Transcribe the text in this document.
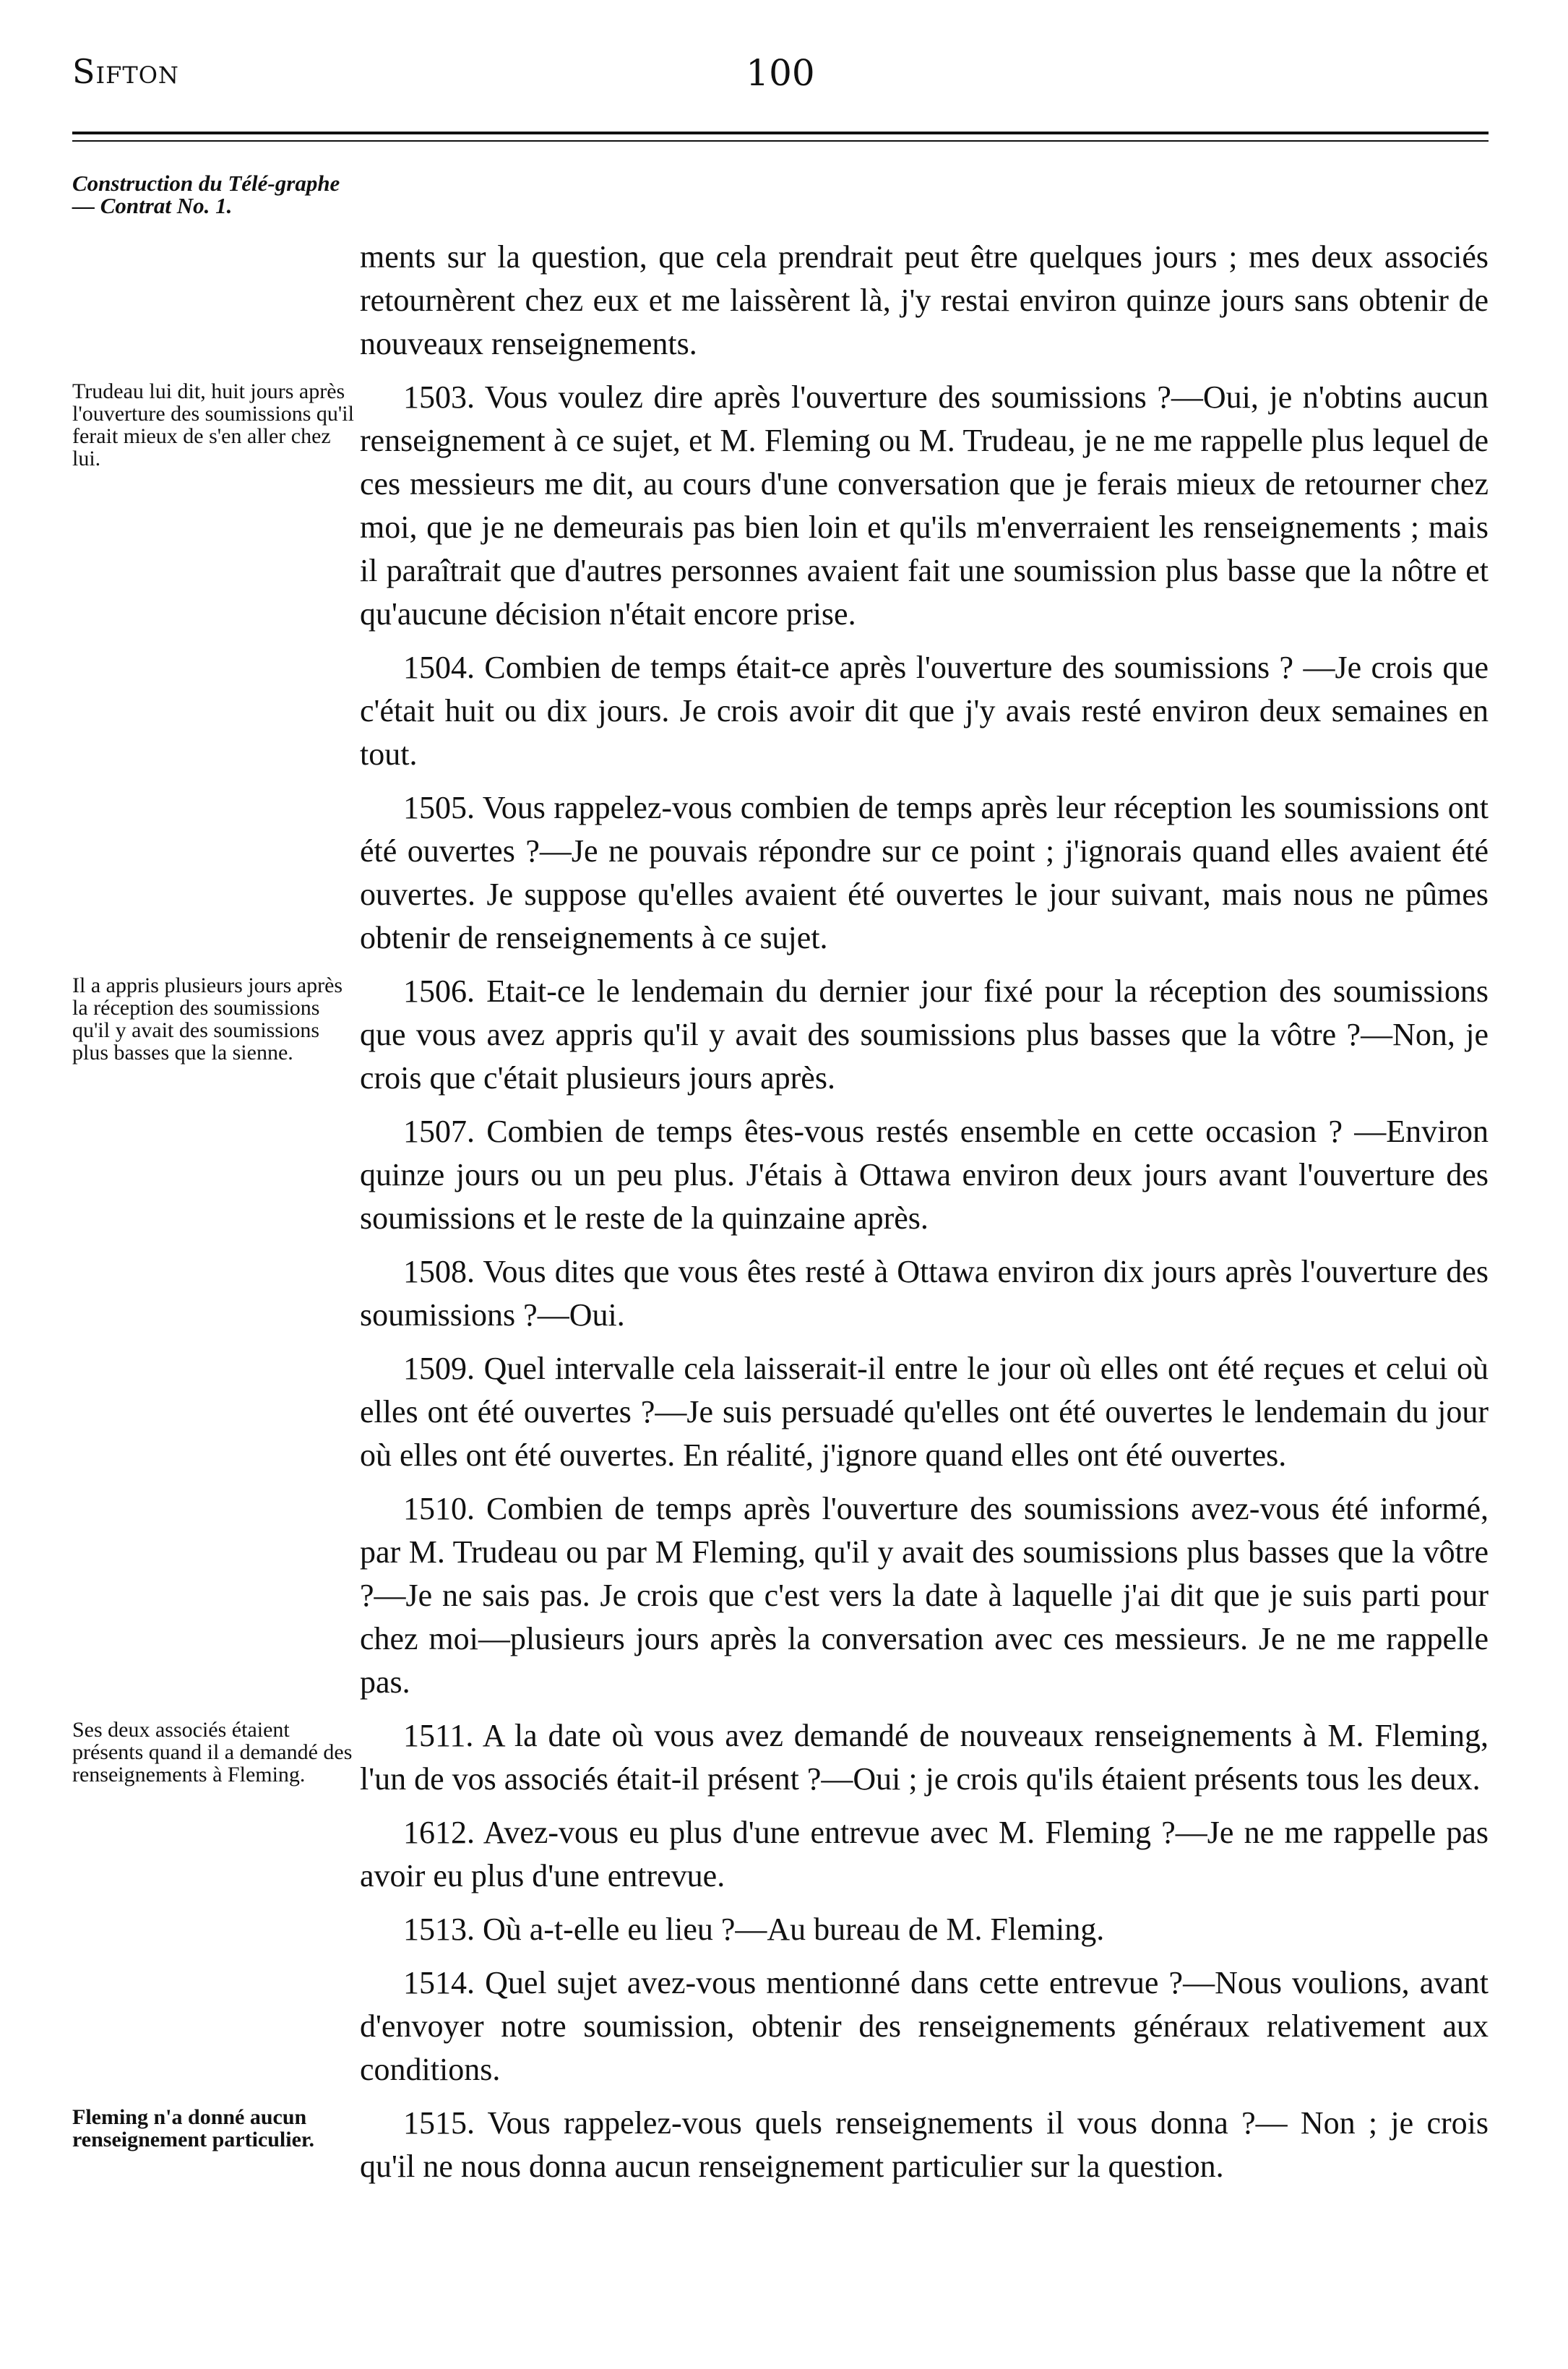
Sifton	100
Construction du Télé-graphe— Contrat No. 1.
ments sur la question, que cela prendrait peut être quelques jours ; mes deux associés retournèrent chez eux et me laissèrent là, j'y restai environ quinze jours sans obtenir de nouveaux renseignements.
Trudeau lui dit, huit jours après l'ouverture des soumissions qu'il ferait mieux de s'en aller chez lui.
1503. Vous voulez dire après l'ouverture des soumissions ?—Oui, je n'obtins aucun renseignement à ce sujet, et M. Fleming ou M. Trudeau, je ne me rappelle plus lequel de ces messieurs me dit, au cours d'une conversation que je ferais mieux de retourner chez moi, que je ne demeurais pas bien loin et qu'ils m'enverraient les renseignements ; mais il paraîtrait que d'autres personnes avaient fait une soumission plus basse que la nôtre et qu'aucune décision n'était encore prise.
1504. Combien de temps était-ce après l'ouverture des soumissions ? —Je crois que c'était huit ou dix jours. Je crois avoir dit que j'y avais resté environ deux semaines en tout.
1505. Vous rappelez-vous combien de temps après leur réception les soumissions ont été ouvertes ?—Je ne pouvais répondre sur ce point ; j'ignorais quand elles avaient été ouvertes. Je suppose qu'elles avaient été ouvertes le jour suivant, mais nous ne pûmes obtenir de renseignements à ce sujet.
Il a appris plusieurs jours après la réception des soumissions qu'il y avait des soumissions plus basses que la sienne.
1506. Etait-ce le lendemain du dernier jour fixé pour la réception des soumissions que vous avez appris qu'il y avait des soumissions plus basses que la vôtre ?—Non, je crois que c'était plusieurs jours après.
1507. Combien de temps êtes-vous restés ensemble en cette occasion ? —Environ quinze jours ou un peu plus. J'étais à Ottawa environ deux jours avant l'ouverture des soumissions et le reste de la quinzaine après.
1508. Vous dites que vous êtes resté à Ottawa environ dix jours après l'ouverture des soumissions ?—Oui.
1509. Quel intervalle cela laisserait-il entre le jour où elles ont été reçues et celui où elles ont été ouvertes ?—Je suis persuadé qu'elles ont été ouvertes le lendemain du jour où elles ont été ouvertes. En réalité, j'ignore quand elles ont été ouvertes.
1510. Combien de temps après l'ouverture des soumissions avez-vous été informé, par M. Trudeau ou par M Fleming, qu'il y avait des soumissions plus basses que la vôtre ?—Je ne sais pas. Je crois que c'est vers la date à laquelle j'ai dit que je suis parti pour chez moi—plusieurs jours après la conversation avec ces messieurs. Je ne me rappelle pas.
Ses deux associés étaient présents quand il a demandé des renseignements à Fleming.
1511. A la date où vous avez demandé de nouveaux renseignements à M. Fleming, l'un de vos associés était-il présent ?—Oui ; je crois qu'ils étaient présents tous les deux.
1612. Avez-vous eu plus d'une entrevue avec M. Fleming ?—Je ne me rappelle pas avoir eu plus d'une entrevue.
1513. Où a-t-elle eu lieu ?—Au bureau de M. Fleming.
1514. Quel sujet avez-vous mentionné dans cette entrevue ?—Nous voulions, avant d'envoyer notre soumission, obtenir des renseignements généraux relativement aux conditions.
Fleming n'a donné aucun renseignement particulier.	1515. Vous rappelez-vous quels renseignements il vous donna ?— Non ; je crois qu'il ne nous donna aucun renseignement particulier sur la question.
